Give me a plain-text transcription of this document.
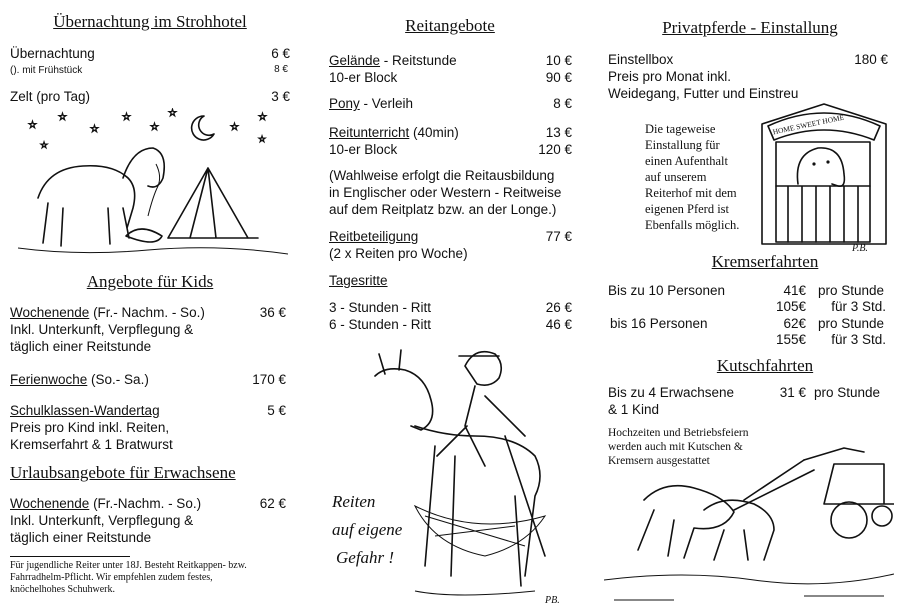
Übernachtung im Strohhotel
Übernachtung	6 €
(). mit Frühstück	8 €
Zelt (pro Tag)	3 €
☆
☆
☆
☆
☆
☆
☆
☆
☆
☆
Angebote für Kids
Wochenende (Fr.- Nachm. - So.)	36 €
Inkl. Unterkunft, Verpflegung &
täglich einer Reitstunde
Ferienwoche (So.- Sa.)	170 €
Schulklassen-Wandertag	5 €
Preis pro Kind inkl. Reiten,
Kremserfahrt & 1 Bratwurst
Urlaubsangebote für Erwachsene
Wochenende (Fr.-Nachm. - So.)	62 €
Inkl. Unterkunft, Verpflegung &
täglich einer Reitstunde
Für jugendliche Reiter unter 18J. Besteht Reitkappen- bzw.
Fahrradhelm-Pflicht. Wir empfehlen zudem festes,
knöchelhohes Schuhwerk.
Reitangebote
Gelände - Reitstunde	10 €
10-er Block	90 €
Pony - Verleih	8 €
Reitunterricht (40min)	13 €
10-er Block	120 €
(Wahlweise erfolgt die Reitausbildung
in Englischer oder Western - Reitweise
auf dem Reitplatz bzw. an der Longe.)
Reitbeteiligung	77 €
(2 x Reiten pro Woche)
Tagesritte
3 - Stunden - Ritt	26 €
6 - Stunden - Ritt	46 €
Reiten
auf eigene
Gefahr !
PB.
Privatpferde - Einstallung
Einstellbox	180 €
Preis pro Monat inkl.
Weidegang, Futter und Einstreu
Die tageweise
Einstallung für
einen Aufenthalt
auf unserem
Reiterhof mit dem
eigenen Pferd ist
Ebenfalls möglich.
HOME SWEET HOME
P.B.
Kremserfahrten
Bis zu 10 Personen	41€ pro Stunde
105€ für 3 Std.
bis 16 Personen	62€ pro Stunde
155€ für 3 Std.
Kutschfahrten
Bis zu 4 Erwachsene	31 € pro Stunde
& 1 Kind
Hochzeiten und Betriebsfeiern
werden auch mit Kutschen &
Kremsern ausgestattet
